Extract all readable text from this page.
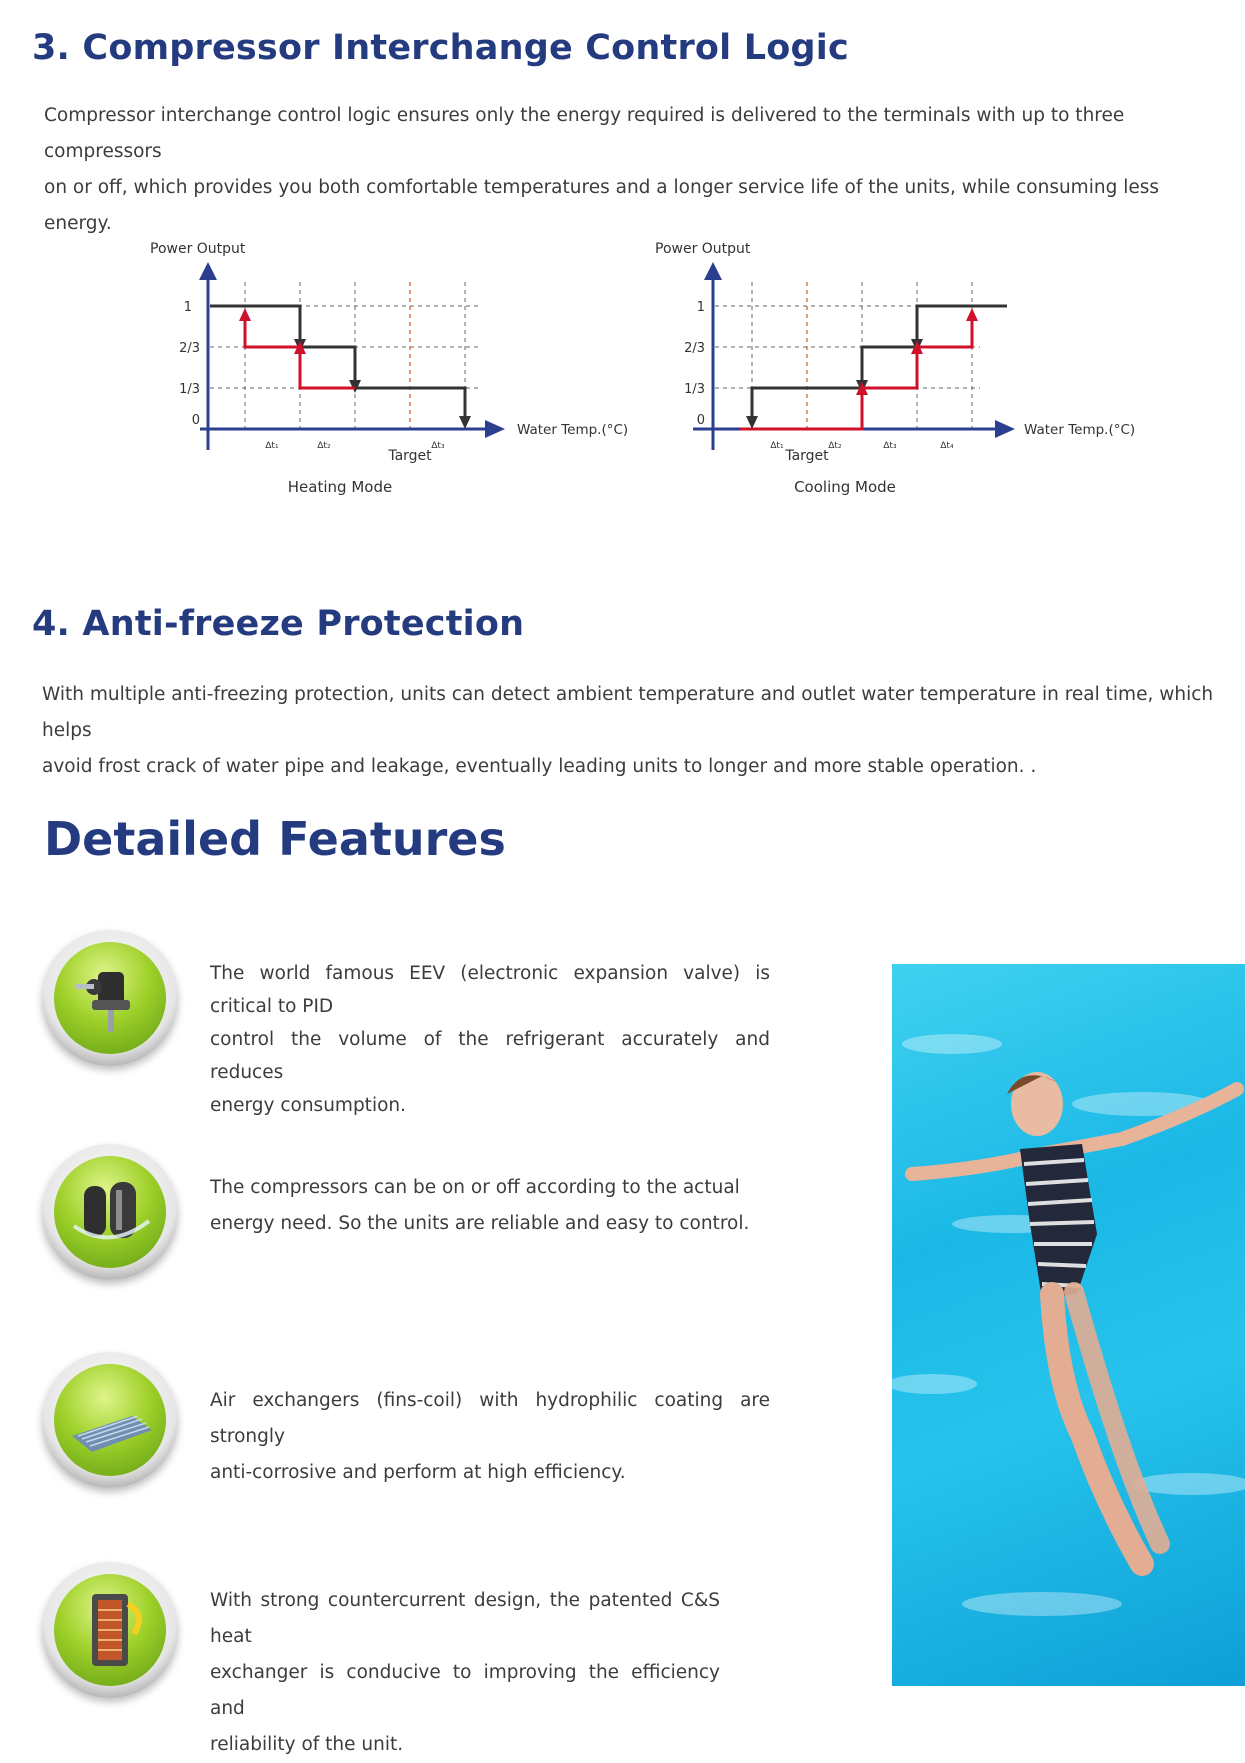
3. Compressor Interchange Control Logic

Compressor interchange control logic ensures only the energy required is delivered to the terminals with up to three compressors
on or off, which provides you both comfortable temperatures and a longer service life of the units, while consuming less energy.

Power Output
1
2/3
1/3
0
∆t₁	∆t₂
Target
∆t₃
Water Temp.(°C)
Heating Mode
Power Output
1
2/3
1/3
0
∆t₁	∆t₂
Target
∆t₃	∆t₄
Water Temp.(°C)
Cooling Mode
4. Anti-freeze Protection

With multiple anti-freezing protection, units can detect ambient temperature and outlet water temperature in real time, which helps
avoid frost crack of water pipe and leakage, eventually leading units to longer and more stable operation. .

Detailed Features

The world famous EEV (electronic expansion valve) is critical to PID
control the volume of the refrigerant accurately and reduces
energy consumption.

The compressors can be on or off according to the actual
energy need. So the units are reliable and easy to control.

Air exchangers (fins-coil) with hydrophilic coating are strongly
anti-corrosive and perform at high efficiency.

With strong countercurrent design, the patented C&S heat
exchanger is conducive to improving the efficiency and
reliability of the unit.
